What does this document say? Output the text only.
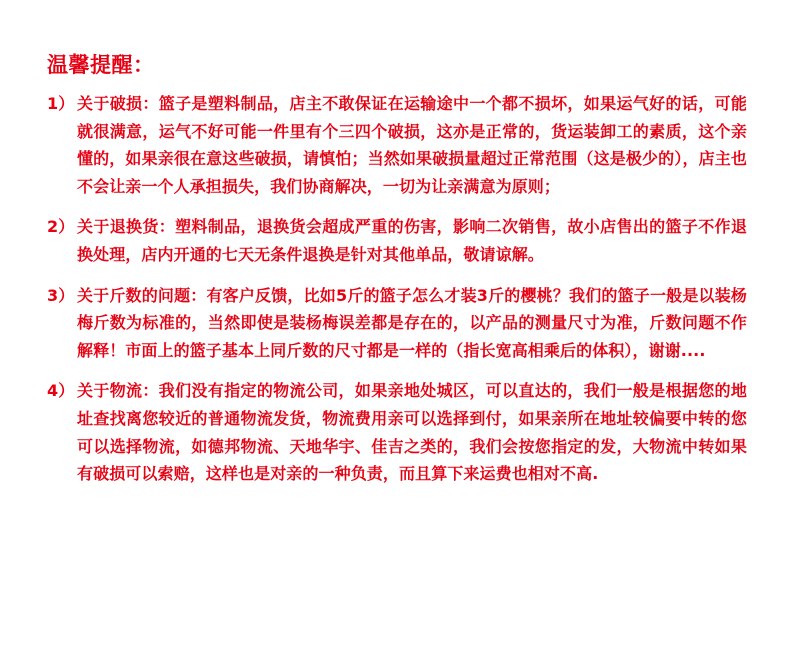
温馨提醒：
1） 关于破损：篮子是塑料制品，店主不敢保证在运输途中一个都不损坏，如果运气好的话，可能就很满意，运气不好可能一件里有个三四个破损，这亦是正常的，货运装卸工的素质，这个亲懂的，如果亲很在意这些破损，请慎怕；当然如果破损量超过正常范围（这是极少的），店主也不会让亲一个人承担损失，我们协商解决，一切为让亲满意为原则；
2） 关于退换货：塑料制品，退换货会超成严重的伤害，影响二次销售，故小店售出的篮子不作退换处理，店内开通的七天无条件退换是针对其他单品，敬请谅解。
3） 关于斤数的问题：有客户反馈，比如5斤的篮子怎么才装3斤的樱桃？我们的篮子一般是以装杨梅斤数为标准的，当然即使是装杨梅误差都是存在的，以产品的测量尺寸为准，斤数问题不作解释！市面上的篮子基本上同斤数的尺寸都是一样的（指长宽高相乘后的体积），谢谢....
4） 关于物流：我们没有指定的物流公司，如果亲地处城区，可以直达的，我们一般是根据您的地址查找离您较近的普通物流发货，物流费用亲可以选择到付，如果亲所在地址较偏要中转的您可以选择物流，如德邦物流、天地华宇、佳吉之类的，我们会按您指定的发，大物流中转如果有破损可以索赔，这样也是对亲的一种负责，而且算下来运费也相对不高.
